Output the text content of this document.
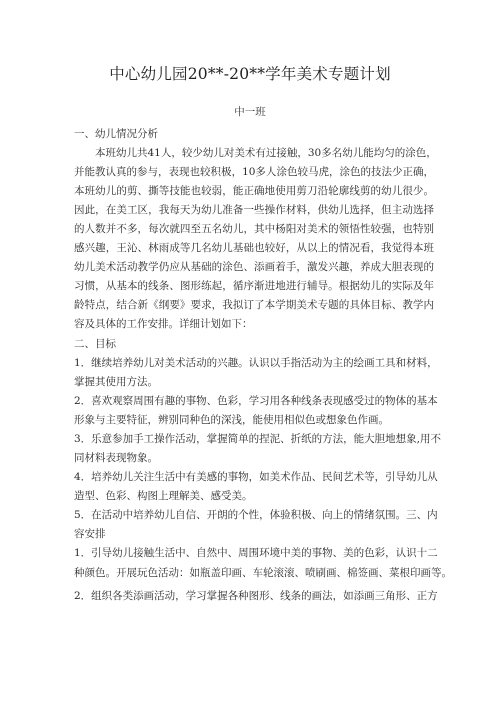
中心幼儿园20**-20**学年美术专题计划
中一班
一、幼儿情况分析
　　本班幼儿共41人，较少幼儿对美术有过接触，30多名幼儿能均匀的涂色，
并能教认真的参与，表现也较积极，10多人涂色较马虎，涂色的技法少正确，
本班幼儿的剪、撕等技能也较弱，能正确地使用剪刀沿轮廓线剪的幼儿很少。
因此，在美工区，我每天为幼儿准备一些操作材料，供幼儿选择，但主动选择
的人数并不多，每次就四至五名幼儿，其中杨阳对美术的领悟性较强，也特别
感兴趣，王沁、林雨成等几名幼儿基础也较好，从以上的情况看，我觉得本班
幼儿美术活动教学仍应从基础的涂色、添画着手，激发兴趣，养成大胆表现的
习惯，从基本的线条、图形练起，循序渐进地进行辅导。根据幼儿的实际及年
龄特点，结合新《纲要》要求，我拟订了本学期美术专题的具体目标、教学内
容及具体的工作安排。详细计划如下：
二、目标
1．继续培养幼儿对美术活动的兴趣。认识以手指活动为主的绘画工具和材料，
掌握其使用方法。
2．喜欢观察周围有趣的事物、色彩，学习用各种线条表现感受过的物体的基本
形象与主要特征，辨别同种色的深浅，能使用相似色或想象色作画。
3．乐意参加手工操作活动，掌握简单的捏泥、折纸的方法，能大胆地想象,用不
同材料表现物象。
4．培养幼儿关注生活中有美感的事物，如美术作品、民间艺术等，引导幼儿从
造型、色彩、构图上理解美、感受美。
5．在活动中培养幼儿自信、开朗的个性，体验积极、向上的情绪氛围。三、内
容安排
1．引导幼儿接触生活中、自然中、周围环境中美的事物、美的色彩，认识十二
种颜色。开展玩色活动：如瓶盖印画、车轮滚滚、喷刷画、棉签画、菜根印画等。
2．组织各类添画活动，学习掌握各种图形、线条的画法，如添画三角形、正方
